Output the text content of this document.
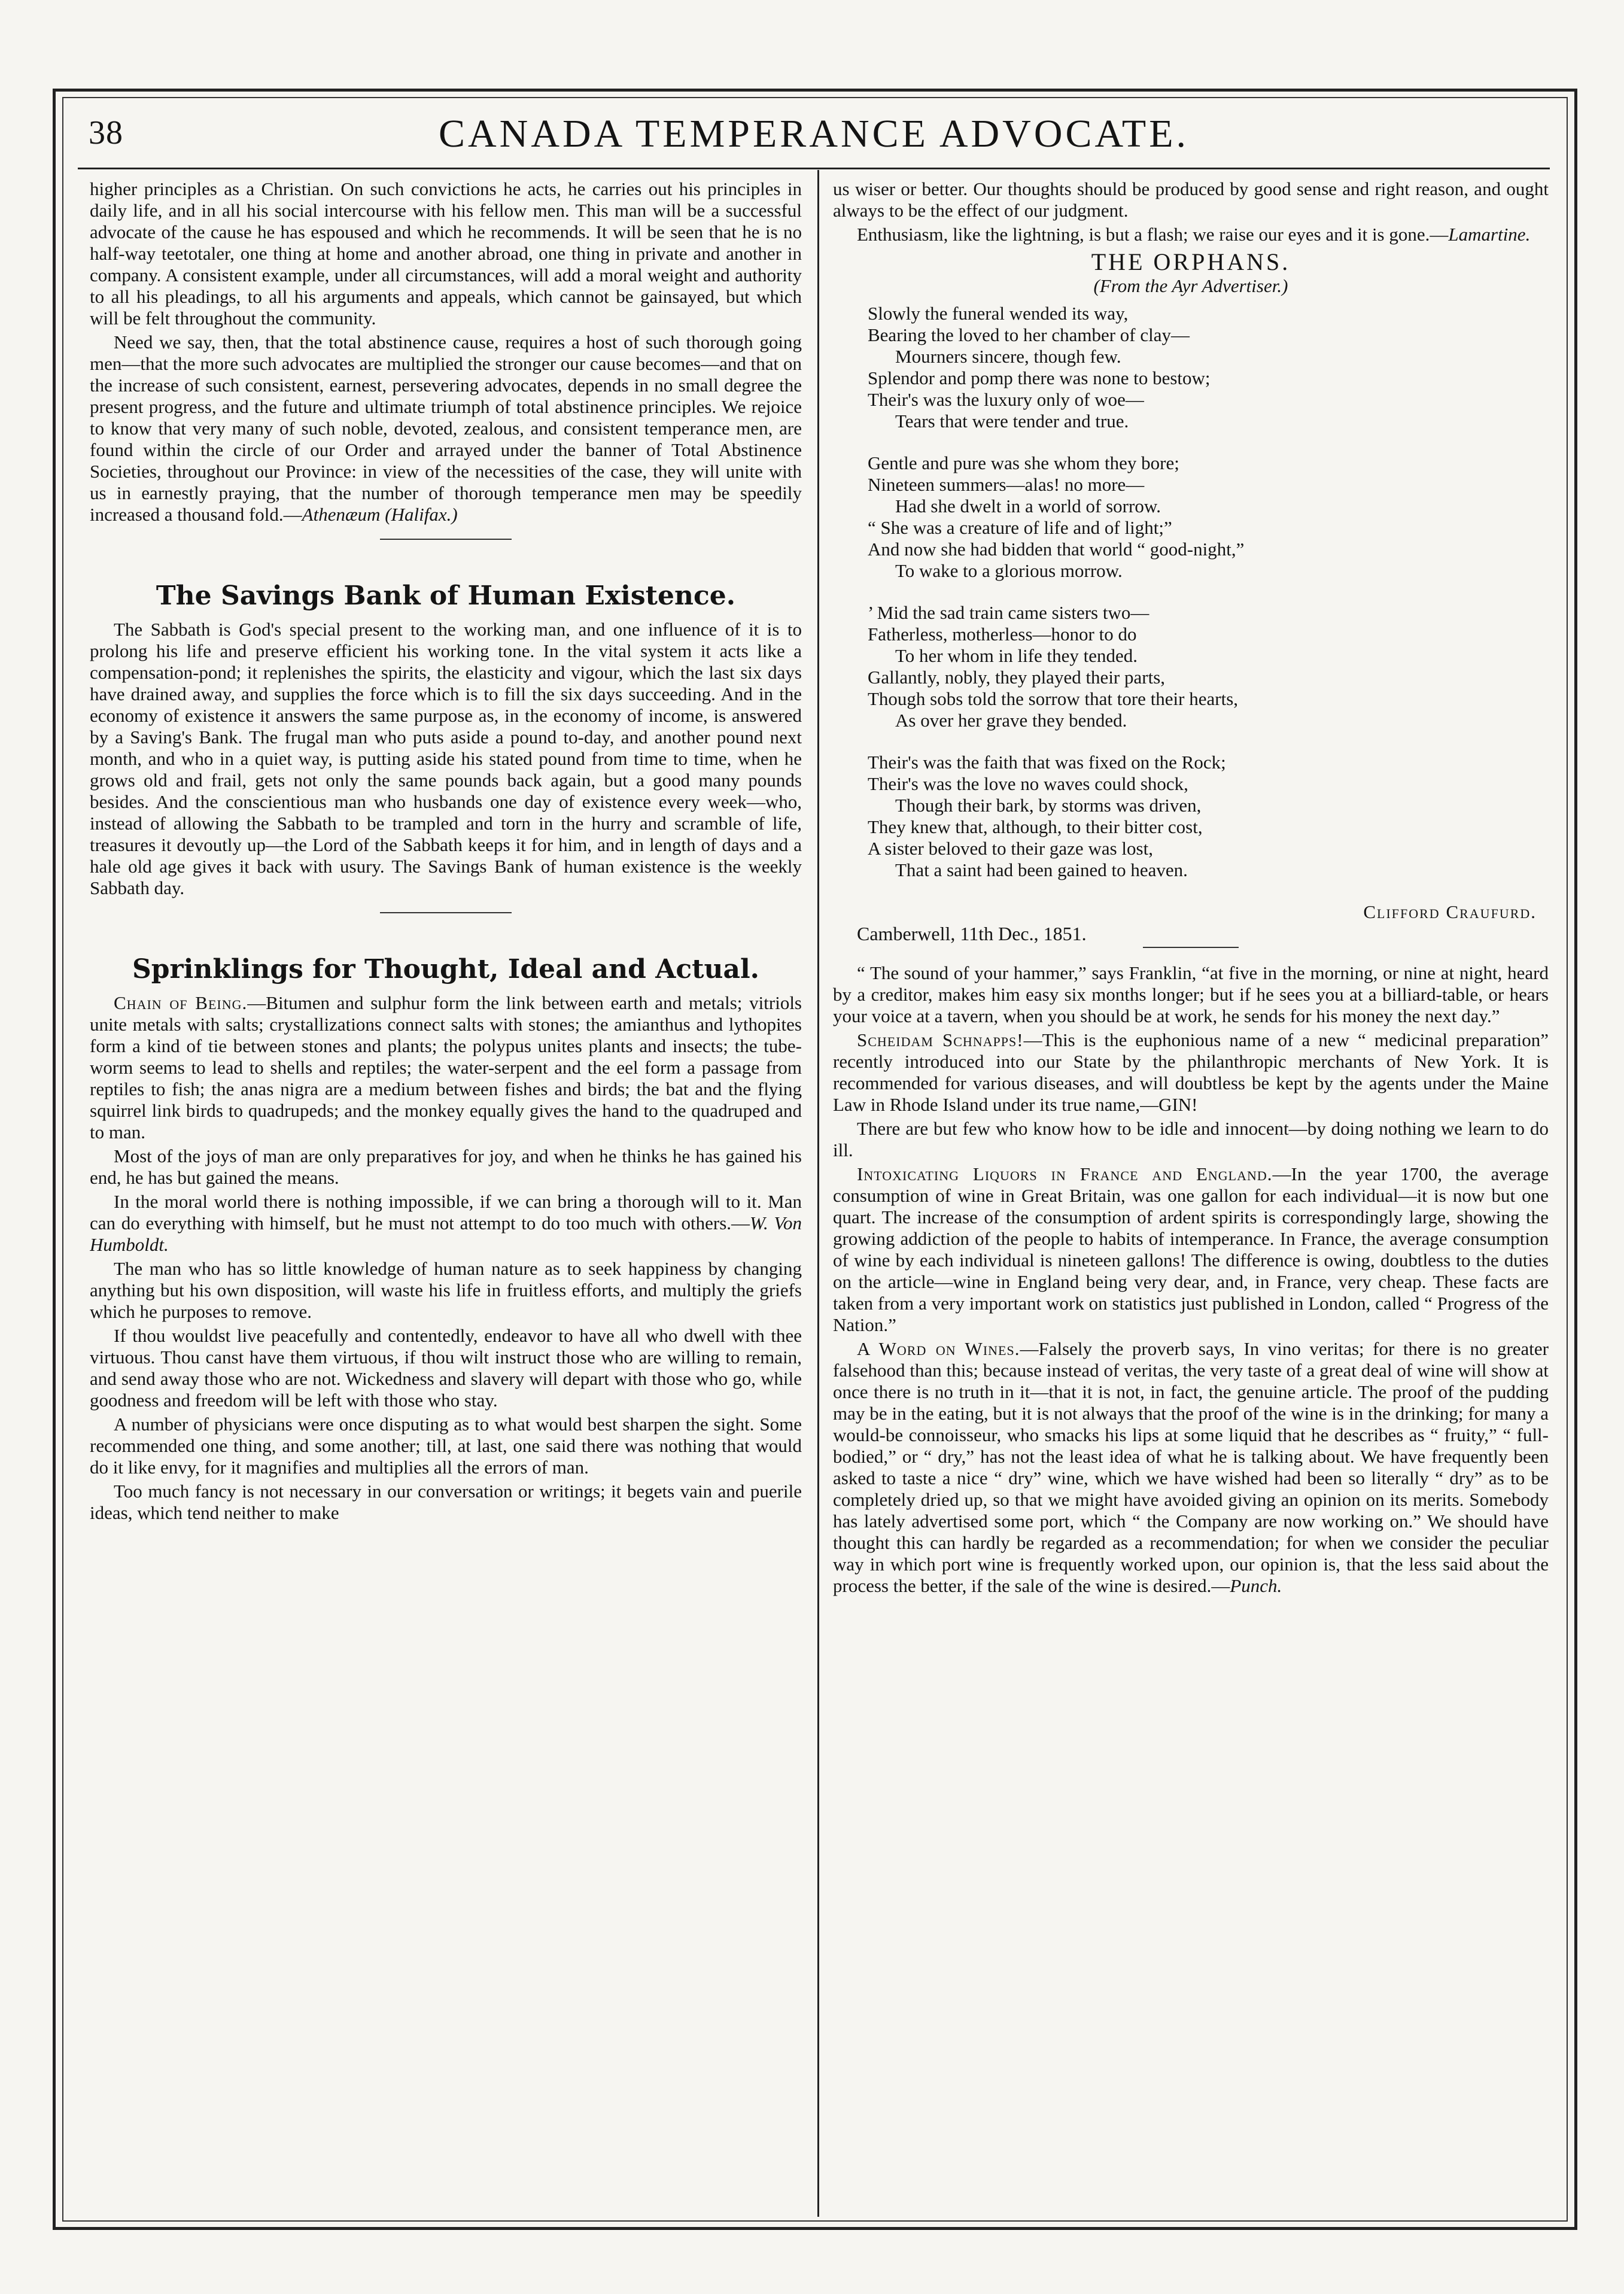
38	CANADA TEMPERANCE ADVOCATE.

higher principles as a Christian. On such convictions he acts, he carries out his principles in daily life, and in all his social intercourse with his fellow men. This man will be a successful advocate of the cause he has espoused and which he recommends. It will be seen that he is no half-way teetotaler, one thing at home and another abroad, one thing in private and another in company. A consistent example, under all circumstances, will add a moral weight and authority to all his pleadings, to all his arguments and appeals, which cannot be gainsayed, but which will be felt throughout the community.

Need we say, then, that the total abstinence cause, requires a host of such thorough going men—that the more such advocates are multiplied the stronger our cause becomes—and that on the increase of such consistent, earnest, persevering advocates, depends in no small degree the present progress, and the future and ultimate triumph of total abstinence principles. We rejoice to know that very many of such noble, devoted, zealous, and consistent temperance men, are found within the circle of our Order and arrayed under the banner of Total Abstinence Societies, throughout our Province: in view of the necessities of the case, they will unite with us in earnestly praying, that the number of thorough temperance men may be speedily increased a thousand fold.—Athenæum (Halifax.)

The Savings Bank of Human Existence.

The Sabbath is God's special present to the working man, and one influence of it is to prolong his life and preserve efficient his working tone. In the vital system it acts like a compensation-pond; it replenishes the spirits, the elasticity and vigour, which the last six days have drained away, and supplies the force which is to fill the six days succeeding. And in the economy of existence it answers the same purpose as, in the economy of income, is answered by a Saving's Bank. The frugal man who puts aside a pound to-day, and another pound next month, and who in a quiet way, is putting aside his stated pound from time to time, when he grows old and frail, gets not only the same pounds back again, but a good many pounds besides. And the conscientious man who husbands one day of existence every week—who, instead of allowing the Sabbath to be trampled and torn in the hurry and scramble of life, treasures it devoutly up—the Lord of the Sabbath keeps it for him, and in length of days and a hale old age gives it back with usury. The Savings Bank of human existence is the weekly Sabbath day.

Sprinklings for Thought, Ideal and Actual.

Chain of Being.—Bitumen and sulphur form the link between earth and metals; vitriols unite metals with salts; crystallizations connect salts with stones; the amianthus and lythopites form a kind of tie between stones and plants; the polypus unites plants and insects; the tube-worm seems to lead to shells and reptiles; the water-serpent and the eel form a passage from reptiles to fish; the anas nigra are a medium between fishes and birds; the bat and the flying squirrel link birds to quadrupeds; and the monkey equally gives the hand to the quadruped and to man.

Most of the joys of man are only preparatives for joy, and when he thinks he has gained his end, he has but gained the means.

In the moral world there is nothing impossible, if we can bring a thorough will to it. Man can do everything with himself, but he must not attempt to do too much with others.—W. Von Humboldt.

The man who has so little knowledge of human nature as to seek happiness by changing anything but his own disposition, will waste his life in fruitless efforts, and multiply the griefs which he purposes to remove.

If thou wouldst live peacefully and contentedly, endeavor to have all who dwell with thee virtuous. Thou canst have them virtuous, if thou wilt instruct those who are willing to remain, and send away those who are not. Wickedness and slavery will depart with those who go, while goodness and freedom will be left with those who stay.

A number of physicians were once disputing as to what would best sharpen the sight. Some recommended one thing, and some another; till, at last, one said there was nothing that would do it like envy, for it magnifies and multiplies all the errors of man.

Too much fancy is not necessary in our conversation or writings; it begets vain and puerile ideas, which tend neither to make

us wiser or better. Our thoughts should be produced by good sense and right reason, and ought always to be the effect of our judgment.

Enthusiasm, like the lightning, is but a flash; we raise our eyes and it is gone.—Lamartine.

THE ORPHANS.
(From the Ayr Advertiser.)
Slowly the funeral wended its way,
Bearing the loved to her chamber of clay—
Mourners sincere, though few.
Splendor and pomp there was none to bestow;
Their's was the luxury only of woe—
Tears that were tender and true.
Gentle and pure was she whom they bore;
Nineteen summers—alas! no more—
Had she dwelt in a world of sorrow.
“ She was a creature of life and of light;”
And now she had bidden that world “ good-night,”
To wake to a glorious morrow.
’ Mid the sad train came sisters two—
Fatherless, motherless—honor to do
To her whom in life they tended.
Gallantly, nobly, they played their parts,
Though sobs told the sorrow that tore their hearts,
As over her grave they bended.
Their's was the faith that was fixed on the Rock;
Their's was the love no waves could shock,
Though their bark, by storms was driven,
They knew that, although, to their bitter cost,
A sister beloved to their gaze was lost,
That a saint had been gained to heaven.
Clifford Craufurd.

Camberwell, 11th Dec., 1851.

“ The sound of your hammer,” says Franklin, “at five in the morning, or nine at night, heard by a creditor, makes him easy six months longer; but if he sees you at a billiard-table, or hears your voice at a tavern, when you should be at work, he sends for his money the next day.”

Scheidam Schnapps!—This is the euphonious name of a new “ medicinal preparation” recently introduced into our State by the philanthropic merchants of New York. It is recommended for various diseases, and will doubtless be kept by the agents under the Maine Law in Rhode Island under its true name,—GIN!

There are but few who know how to be idle and innocent—by doing nothing we learn to do ill.

Intoxicating Liquors in France and England.—In the year 1700, the average consumption of wine in Great Britain, was one gallon for each individual—it is now but one quart. The increase of the consumption of ardent spirits is correspondingly large, showing the growing addiction of the people to habits of intemperance. In France, the average consumption of wine by each individual is nineteen gallons! The difference is owing, doubtless to the duties on the article—wine in England being very dear, and, in France, very cheap. These facts are taken from a very important work on statistics just published in London, called “ Progress of the Nation.”

A Word on Wines.—Falsely the proverb says, In vino veritas; for there is no greater falsehood than this; because instead of veritas, the very taste of a great deal of wine will show at once there is no truth in it—that it is not, in fact, the genuine article. The proof of the pudding may be in the eating, but it is not always that the proof of the wine is in the drinking; for many a would-be connoisseur, who smacks his lips at some liquid that he describes as “ fruity,” “ full-bodied,” or “ dry,” has not the least idea of what he is talking about. We have frequently been asked to taste a nice “ dry” wine, which we have wished had been so literally “ dry” as to be completely dried up, so that we might have avoided giving an opinion on its merits. Somebody has lately advertised some port, which “ the Company are now working on.” We should have thought this can hardly be regarded as a recommendation; for when we consider the peculiar way in which port wine is frequently worked upon, our opinion is, that the less said about the process the better, if the sale of the wine is desired.—Punch.
